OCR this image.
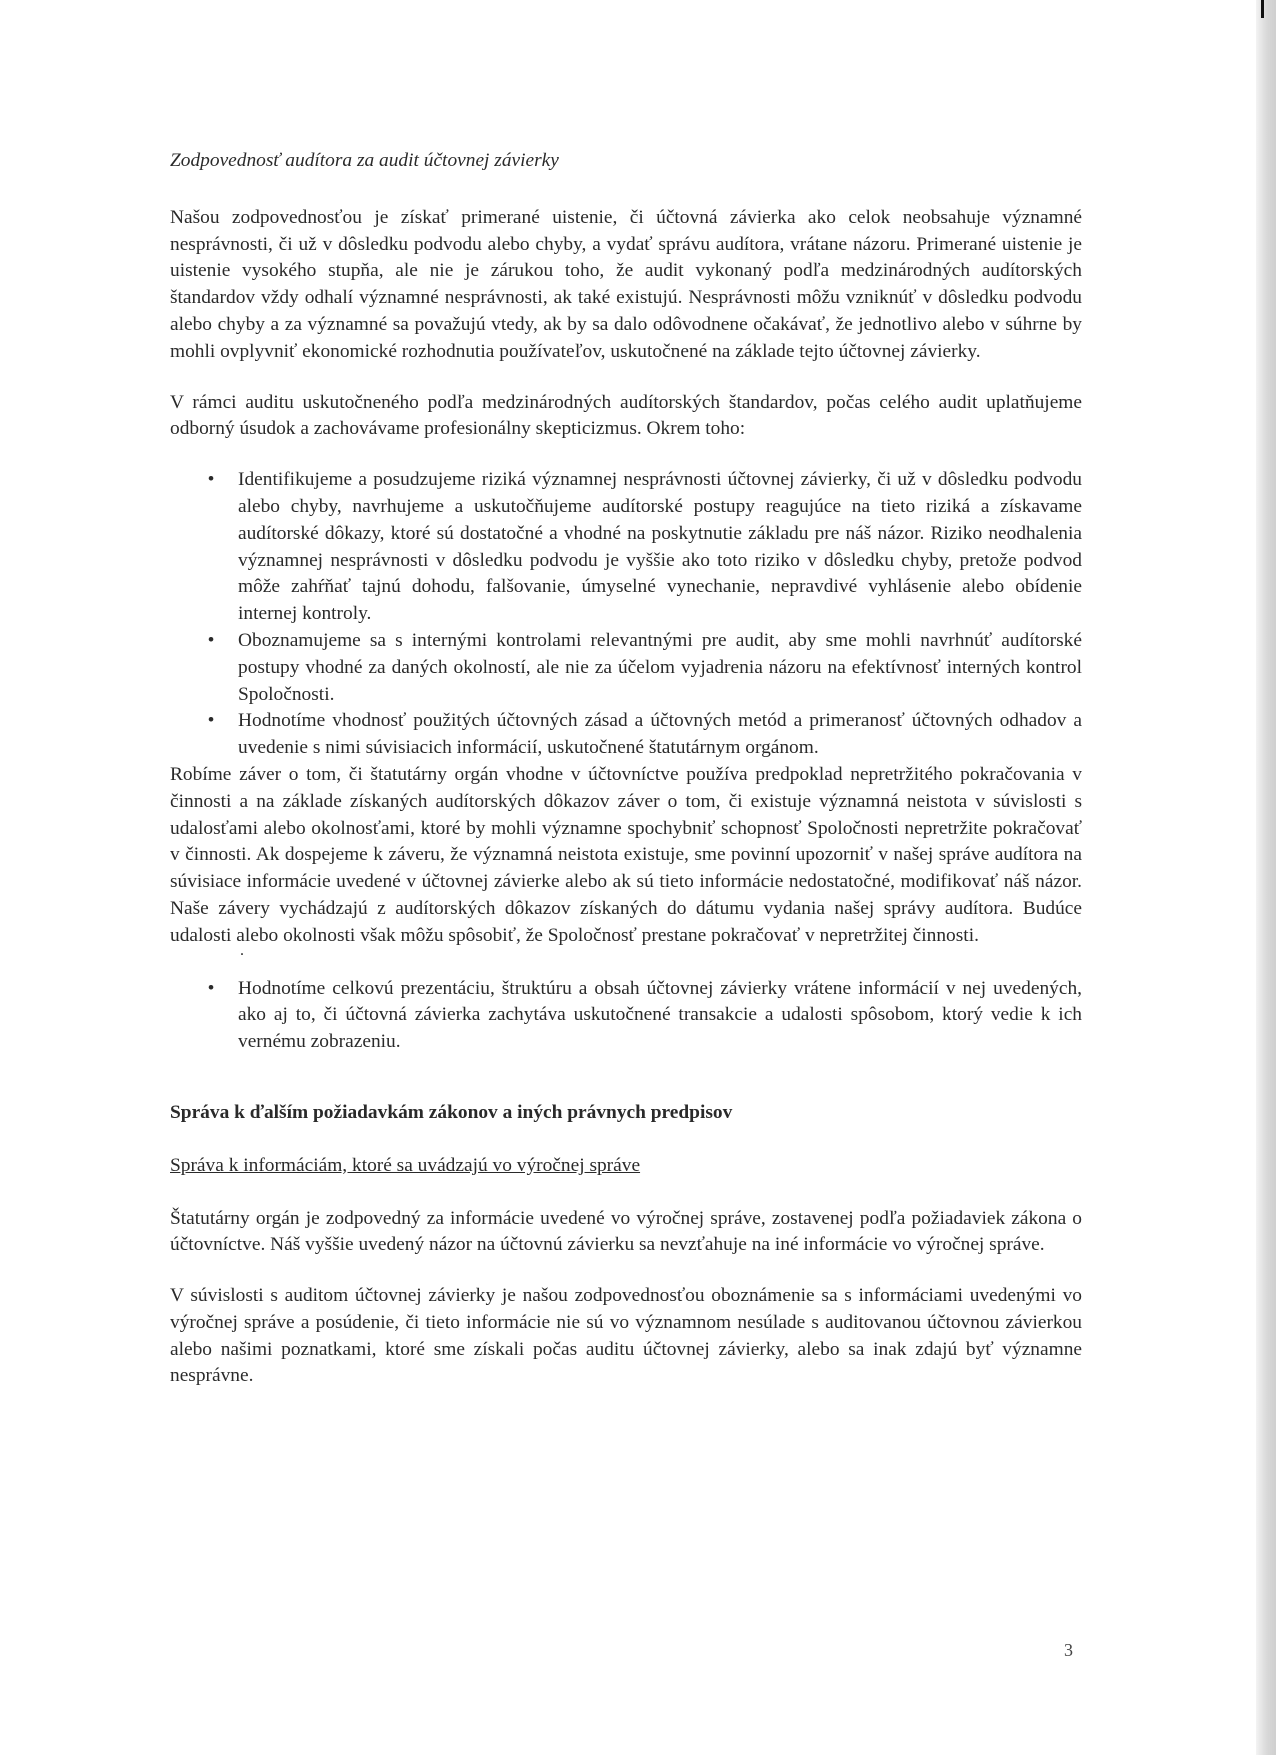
Zodpovednosť audítora za audit účtovnej závierky

Našou zodpovednosťou je získať primerané uistenie, či účtovná závierka ako celok neobsahuje významné nesprávnosti, či už v dôsledku podvodu alebo chyby, a vydať správu audítora, vrátane názoru. Primerané uistenie je uistenie vysokého stupňa, ale nie je zárukou toho, že audit vykonaný podľa medzinárodných audítorských štandardov vždy odhalí významné nesprávnosti, ak také existujú. Nesprávnosti môžu vzniknúť v dôsledku podvodu alebo chyby a za významné sa považujú vtedy, ak by sa dalo odôvodnene očakávať, že jednotlivo alebo v súhrne by mohli ovplyvniť ekonomické rozhodnutia používateľov, uskutočnené na základe tejto účtovnej závierky.

V rámci auditu uskutočneného podľa medzinárodných audítorských štandardov, počas celého audit uplatňujeme odborný úsudok a zachovávame profesionálny skepticizmus. Okrem toho:

• Identifikujeme a posudzujeme riziká významnej nesprávnosti účtovnej závierky, či už v dôsledku podvodu alebo chyby, navrhujeme a uskutočňujeme audítorské postupy reagujúce na tieto riziká a získavame audítorské dôkazy, ktoré sú dostatočné a vhodné na poskytnutie základu pre náš názor. Riziko neodhalenia významnej nesprávnosti v dôsledku podvodu je vyššie ako toto riziko v dôsledku chyby, pretože podvod môže zahŕňať tajnú dohodu, falšovanie, úmyselné vynechanie, nepravdivé vyhlásenie alebo obídenie internej kontroly.
• Oboznamujeme sa s internými kontrolami relevantnými pre audit, aby sme mohli navrhnúť audítorské postupy vhodné za daných okolností, ale nie za účelom vyjadrenia názoru na efektívnosť interných kontrol Spoločnosti.
• Hodnotíme vhodnosť použitých účtovných zásad a účtovných metód a primeranosť účtovných odhadov a uvedenie s nimi súvisiacich informácií, uskutočnené štatutárnym orgánom.

Robíme záver o tom, či štatutárny orgán vhodne v účtovníctve používa predpoklad nepretržitého pokračovania v činnosti a na základe získaných audítorských dôkazov záver o tom, či existuje významná neistota v súvislosti s udalosťami alebo okolnosťami, ktoré by mohli významne spochybniť schopnosť Spoločnosti nepretržite pokračovať v činnosti. Ak dospejeme k záveru, že významná neistota existuje, sme povinní upozorniť v našej správe audítora na súvisiace informácie uvedené v účtovnej závierke alebo ak sú tieto informácie nedostatočné, modifikovať náš názor. Naše závery vychádzajú z audítorských dôkazov získaných do dátumu vydania našej správy audítora. Budúce udalosti alebo okolnosti však môžu spôsobiť, že Spoločnosť prestane pokračovať v nepretržitej činnosti.

.
• Hodnotíme celkovú prezentáciu, štruktúru a obsah účtovnej závierky vrátene informácií v nej uvedených, ako aj to, či účtovná závierka zachytáva uskutočnené transakcie a udalosti spôsobom, ktorý vedie k ich vernému zobrazeniu.

Správa k ďalším požiadavkám zákonov a iných právnych predpisov

Správa k informáciám, ktoré sa uvádzajú vo výročnej správe

Štatutárny orgán je zodpovedný za informácie uvedené vo výročnej správe, zostavenej podľa požiadaviek zákona o účtovníctve. Náš vyššie uvedený názor na účtovnú závierku sa nevzťahuje na iné informácie vo výročnej správe.

V súvislosti s auditom účtovnej závierky je našou zodpovednosťou oboznámenie sa s informáciami uvedenými vo výročnej správe a posúdenie, či tieto informácie nie sú vo významnom nesúlade s auditovanou účtovnou závierkou alebo našimi poznatkami, ktoré sme získali počas auditu účtovnej závierky, alebo sa inak zdajú byť významne nesprávne.

3
